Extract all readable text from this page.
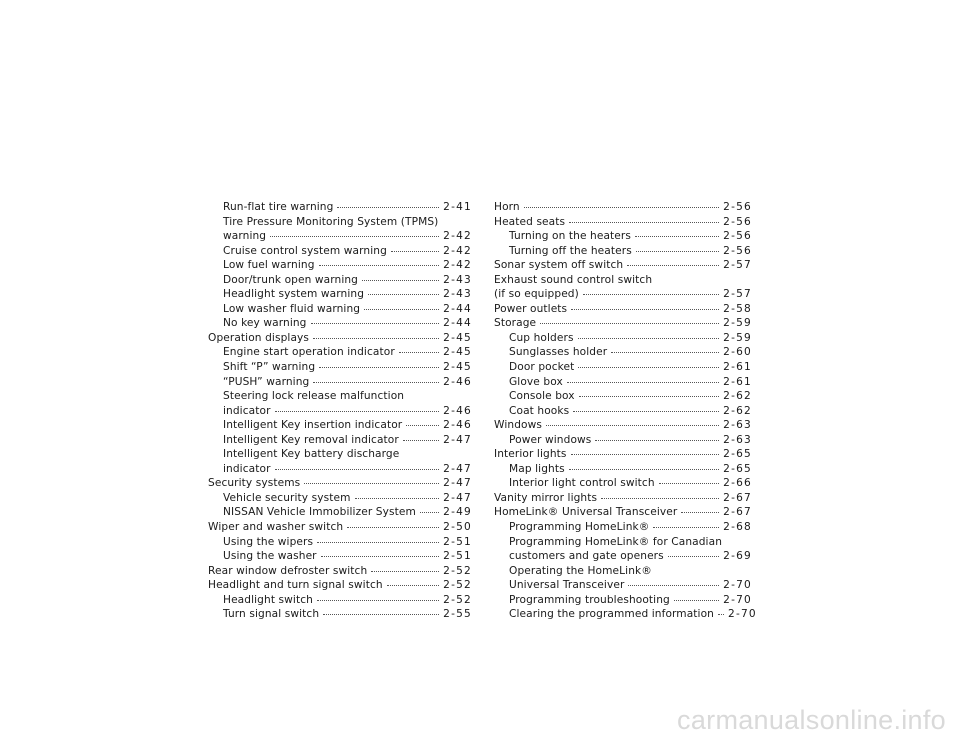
Run-flat tire warning	2-41
Tire Pressure Monitoring System (TPMS)
warning	2-42
Cruise control system warning	2-42
Low fuel warning	2-42
Door/trunk open warning	2-43
Headlight system warning	2-43
Low washer fluid warning	2-44
No key warning	2-44
Operation displays	2-45
Engine start operation indicator	2-45
Shift “P” warning	2-45
“PUSH” warning	2-46
Steering lock release malfunction
indicator	2-46
Intelligent Key insertion indicator	2-46
Intelligent Key removal indicator	2-47
Intelligent Key battery discharge
indicator	2-47
Security systems	2-47
Vehicle security system	2-47
NISSAN Vehicle Immobilizer System	2-49
Wiper and washer switch	2-50
Using the wipers	2-51
Using the washer	2-51
Rear window defroster switch	2-52
Headlight and turn signal switch	2-52
Headlight switch	2-52
Turn signal switch	2-55
Horn	2-56
Heated seats	2-56
Turning on the heaters	2-56
Turning off the heaters	2-56
Sonar system off switch	2-57
Exhaust sound control switch
(if so equipped)	2-57
Power outlets	2-58
Storage	2-59
Cup holders	2-59
Sunglasses holder	2-60
Door pocket	2-61
Glove box	2-61
Console box	2-62
Coat hooks	2-62
Windows	2-63
Power windows	2-63
Interior lights	2-65
Map lights	2-65
Interior light control switch	2-66
Vanity mirror lights	2-67
HomeLink® Universal Transceiver	2-67
Programming HomeLink®	2-68
Programming HomeLink® for Canadian
customers and gate openers	2-69
Operating the HomeLink®
Universal Transceiver	2-70
Programming troubleshooting	2-70
Clearing the programmed information 2-70
carmanualsonline.info
